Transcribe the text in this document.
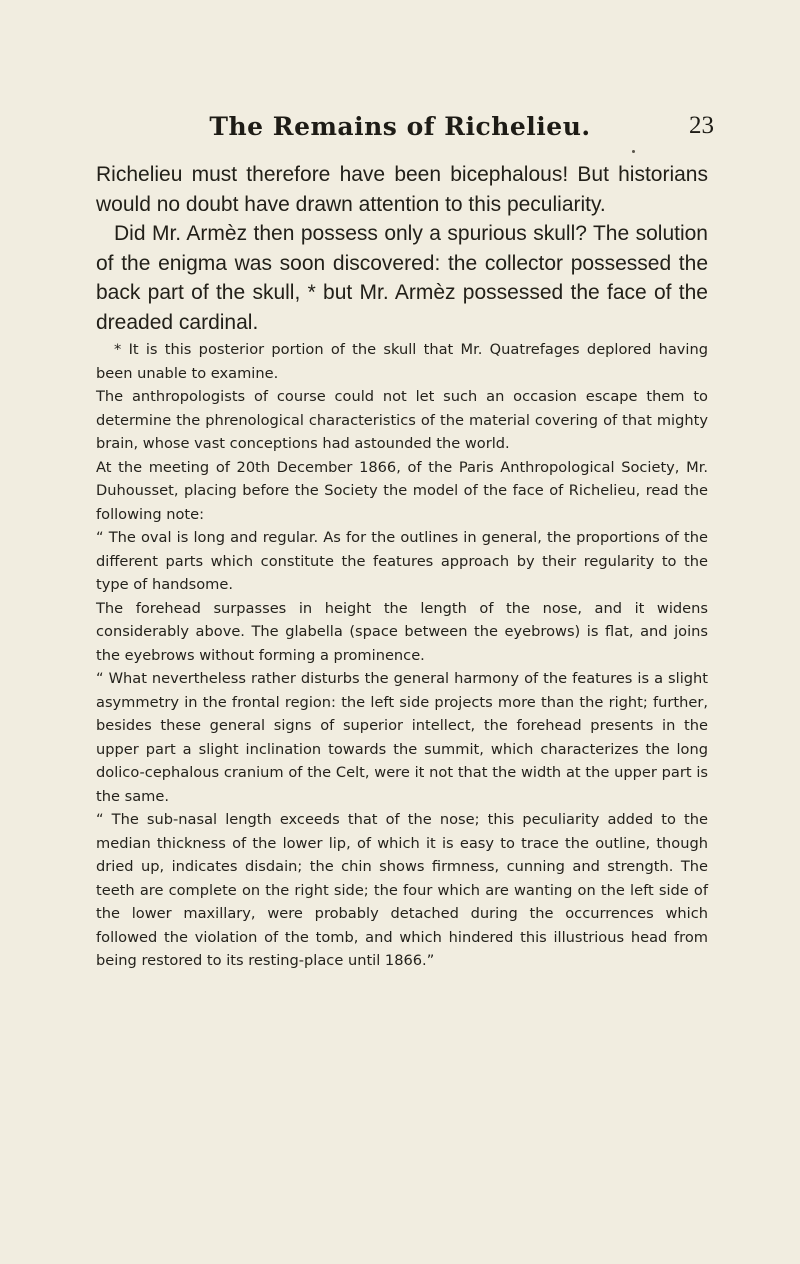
The Remains of Richelieu.	23

Richelieu must therefore have been bicephalous! But historians would no doubt have drawn attention to this peculiarity.

Did Mr. Armèz then possess only a spurious skull? The solution of the enigma was soon discovered: the collector possessed the back part of the skull, * but Mr. Armèz possessed the face of the dreaded cardinal.

* It is this posterior portion of the skull that Mr. Quatrefages deplored having been unable to examine.

The anthropologists of course could not let such an occasion escape them to determine the phrenological characteristics of the material covering of that mighty brain, whose vast conceptions had astounded the world.

At the meeting of 20th December 1866, of the Paris Anthropological Society, Mr. Duhousset, placing before the Society the model of the face of Richelieu, read the following note:

“ The oval is long and regular. As for the outlines in general, the proportions of the different parts which constitute the features approach by their regularity to the type of handsome.

The forehead surpasses in height the length of the nose, and it widens considerably above. The glabella (space between the eyebrows) is flat, and joins the eyebrows without forming a prominence.

“ What nevertheless rather disturbs the general harmony of the features is a slight asymmetry in the frontal region: the left side projects more than the right; further, besides these general signs of superior intellect, the forehead presents in the upper part a slight inclination towards the summit, which characterizes the long dolico-cephalous cranium of the Celt, were it not that the width at the upper part is the same.

“ The sub-nasal length exceeds that of the nose; this peculiarity added to the median thickness of the lower lip, of which it is easy to trace the outline, though dried up, indicates disdain; the chin shows firmness, cunning and strength. The teeth are complete on the right side; the four which are wanting on the left side of the lower maxillary, were probably detached during the occurrences which followed the violation of the tomb, and which hindered this illustrious head from being restored to its resting-place until 1866.”
